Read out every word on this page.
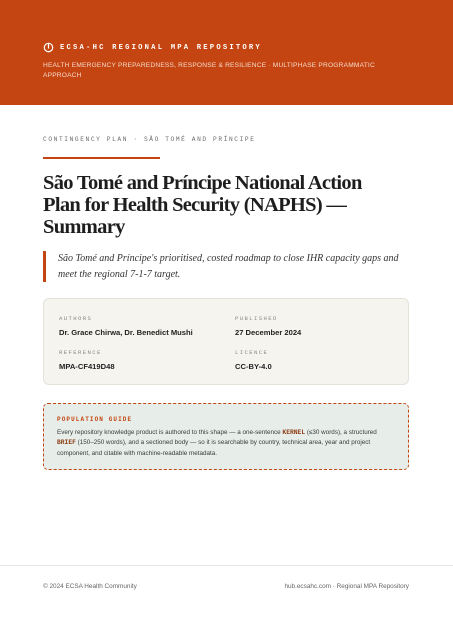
ECSA-HC REGIONAL MPA REPOSITORY
HEALTH EMERGENCY PREPAREDNESS, RESPONSE & RESILIENCE · MULTIPHASE PROGRAMMATIC APPROACH
CONTINGENCY PLAN · SÃO TOMÉ AND PRÍNCIPE
São Tomé and Príncipe National Action Plan for Health Security (NAPHS) — Summary
São Tomé and Príncipe's prioritised, costed roadmap to close IHR capacity gaps and meet the regional 7-1-7 target.
AUTHORS
Dr. Grace Chirwa, Dr. Benedict Mushi
PUBLISHED
27 December 2024
REFERENCE
MPA-CF419D48
LICENCE
CC-BY-4.0
POPULATION GUIDE
Every repository knowledge product is authored to this shape — a one-sentence KERNEL (≤30 words), a structured BRIEF (150–250 words), and a sectioned body — so it is searchable by country, technical area, year and project component, and citable with machine-readable metadata.
© 2024 ECSA Health Community	hub.ecsahc.com · Regional MPA Repository
